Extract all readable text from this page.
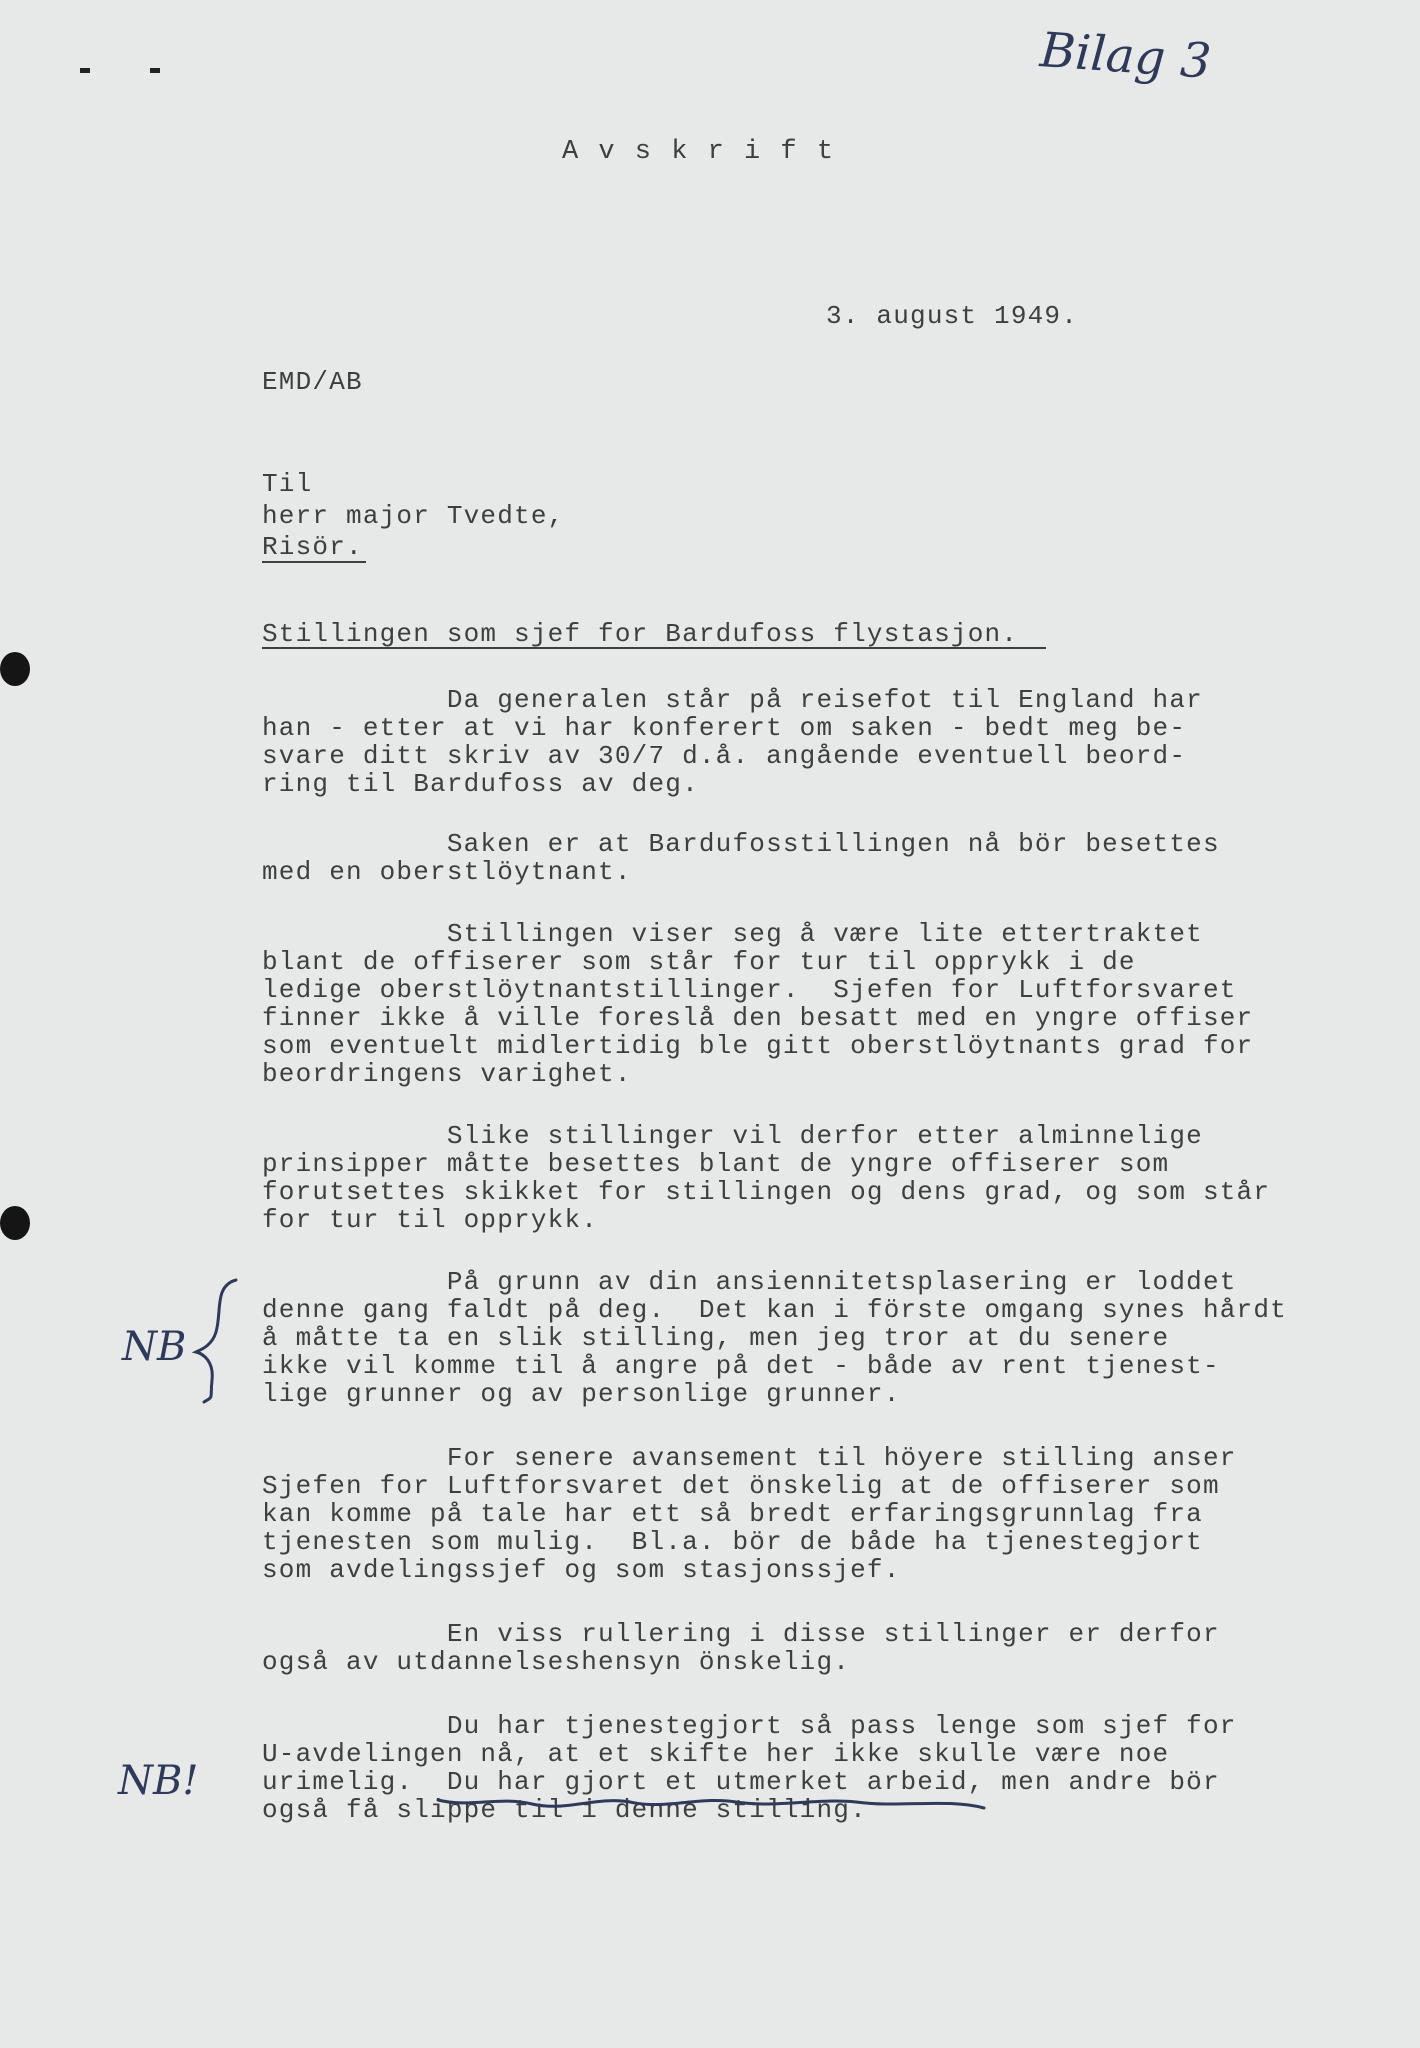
Bilag 3
A v s k r i f t
3. august 1949.
EMD/AB
Til
herr major Tvedte,
Risör.
Stillingen som sjef for Bardufoss flystasjon.
Da generalen står på reisefot til England har
han - etter at vi har konferert om saken - bedt meg be-
svare ditt skriv av 30/7 d.å. angående eventuell beord-
ring til Bardufoss av deg.
Saken er at Bardufosstillingen nå bör besettes
med en oberstlöytnant.
Stillingen viser seg å være lite ettertraktet
blant de offiserer som står for tur til opprykk i de
ledige oberstlöytnantstillinger.  Sjefen for Luftforsvaret
finner ikke å ville foreslå den besatt med en yngre offiser
som eventuelt midlertidig ble gitt oberstlöytnants grad for
beordringens varighet.
Slike stillinger vil derfor etter alminnelige
prinsipper måtte besettes blant de yngre offiserer som
forutsettes skikket for stillingen og dens grad, og som står
for tur til opprykk.
På grunn av din ansiennitetsplasering er loddet
denne gang faldt på deg.  Det kan i förste omgang synes hårdt
å måtte ta en slik stilling, men jeg tror at du senere
ikke vil komme til å angre på det - både av rent tjenest-
lige grunner og av personlige grunner.
For senere avansement til höyere stilling anser
Sjefen for Luftforsvaret det önskelig at de offiserer som
kan komme på tale har ett så bredt erfaringsgrunnlag fra
tjenesten som mulig.  Bl.a. bör de både ha tjenestegjort
som avdelingssjef og som stasjonssjef.
En viss rullering i disse stillinger er derfor
også av utdannelseshensyn önskelig.
Du har tjenestegjort så pass lenge som sjef for
U-avdelingen nå, at et skifte her ikke skulle være noe
urimelig.  Du har gjort et utmerket arbeid, men andre bör
også få slippe til i denne stilling.
NB
NB!
